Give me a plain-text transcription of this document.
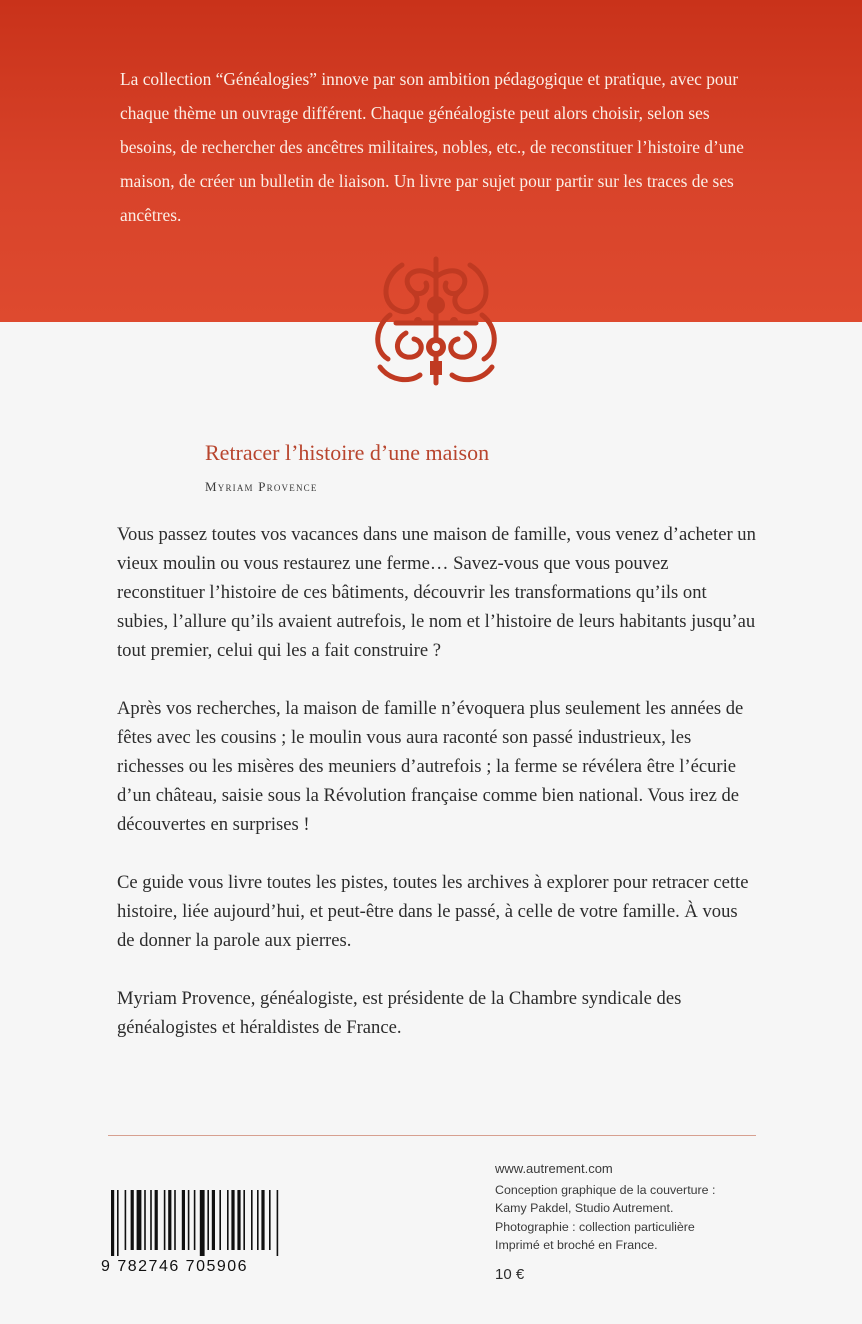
La collection “Généalogies” innove par son ambition pédagogique et pratique, avec pour chaque thème un ouvrage différent. Chaque généalogiste peut alors choisir, selon ses besoins, de rechercher des ancêtres militaires, nobles, etc., de reconstituer l’histoire d’une maison, de créer un bulletin de liaison. Un livre par sujet pour partir sur les traces de ses ancêtres.
Retracer l’histoire d’une maison
Myriam Provence

Vous passez toutes vos vacances dans une maison de famille, vous venez d’acheter un vieux moulin ou vous restaurez une ferme… Savez-vous que vous pouvez reconstituer l’histoire de ces bâtiments, découvrir les transformations qu’ils ont subies, l’allure qu’ils avaient autrefois, le nom et l’histoire de leurs habitants jusqu’au tout premier, celui qui les a fait construire ?

Après vos recherches, la maison de famille n’évoquera plus seulement les années de fêtes avec les cousins ; le moulin vous aura raconté son passé industrieux, les richesses ou les misères des meuniers d’autrefois ; la ferme se révélera être l’écurie d’un château, saisie sous la Révolution française comme bien national. Vous irez de découvertes en surprises !

Ce guide vous livre toutes les pistes, toutes les archives à explorer pour retracer cette histoire, liée aujourd’hui, et peut-être dans le passé, à celle de votre famille. À vous de donner la parole aux pierres.

Myriam Provence, généalogiste, est présidente de la Chambre syndicale des généalogistes et héraldistes de France.

9 782746 705906
www.autrement.com
Conception graphique de la couverture :
Kamy Pakdel, Studio Autrement.
Photographie : collection particulière
Imprimé et broché en France.
10 €
